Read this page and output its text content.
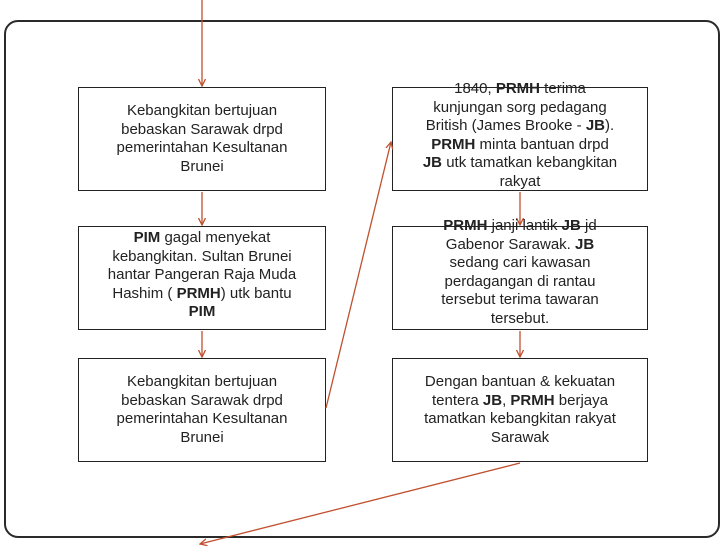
Kebangkitan bertujuan
bebaskan Sarawak drpd
pemerintahan Kesultanan
Brunei
PIM gagal menyekat
kebangkitan. Sultan Brunei
hantar Pangeran Raja Muda
Hashim ( PRMH) utk bantu
PIM
Kebangkitan bertujuan
bebaskan Sarawak drpd
pemerintahan Kesultanan
Brunei
1840, PRMH terima
kunjungan sorg pedagang
British (James Brooke - JB).
PRMH minta bantuan drpd
JB utk tamatkan kebangkitan
rakyat
PRMH janji lantik JB jd
Gabenor Sarawak. JB
sedang cari kawasan
perdagangan di rantau
tersebut terima tawaran
tersebut.
Dengan bantuan & kekuatan
tentera JB, PRMH berjaya
tamatkan kebangkitan rakyat
Sarawak
